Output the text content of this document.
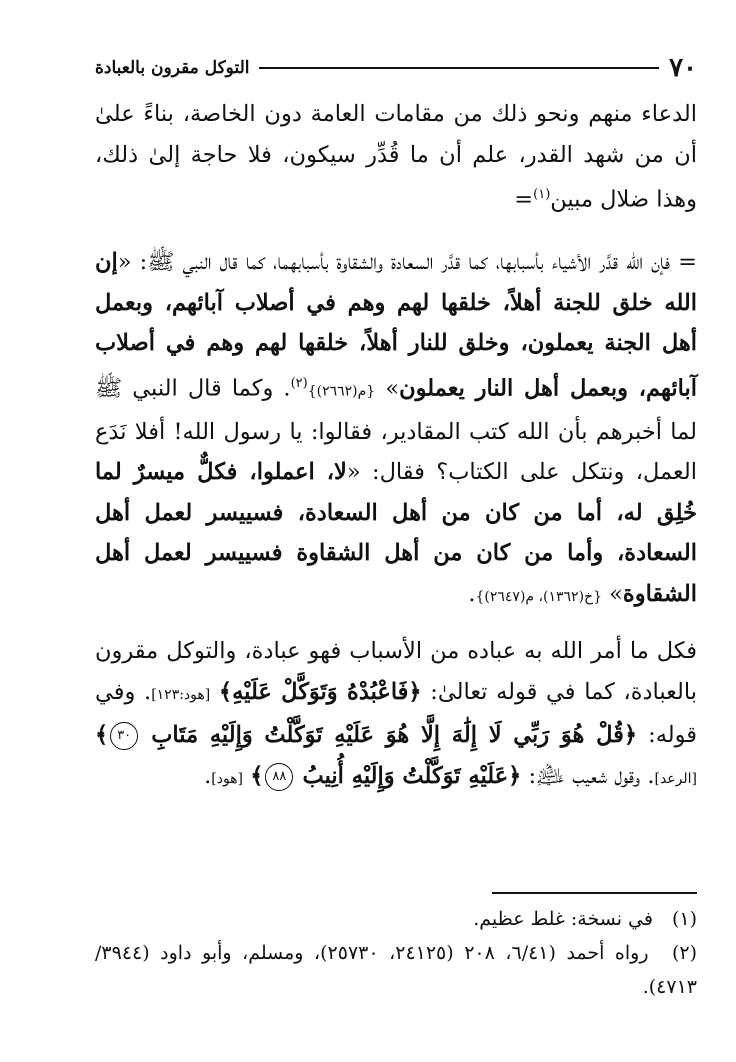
٧٠
التوكل مقرون بالعبادة

الدعاء منهم ونحو ذلك من مقامات العامة دون الخاصة، بناءً علىٰ أن من شهد القدر، علم أن ما قُدِّر سيكون، فلا حاجة إلىٰ ذلك، وهذا ضلال مبين$^{(١)}$=

= فإن الله قدَّر الأشياء بأسبابها، كما قدَّر السعادة والشقاوة بأسبابهما، كما قال النبي ﷺ: «إن الله خلق للجنة أهلاً، خلقها لهم وهم في أصلاب آبائهم، وبعمل أهل الجنة يعملون، وخلق للنار أهلاً، خلقها لهم وهم في أصلاب آبائهم، وبعمل أهل النار يعملون» {م(٢٦٦٢)}$^{(٢)}$. وكما قال النبي ﷺ لما أخبرهم بأن الله كتب المقادير، فقالوا: يا رسول الله! أفلا نَدَع العمل، ونتكل على الكتاب؟ فقال: «لا، اعملوا، فكلٌّ ميسرٌ لما خُلِق له، أما من كان من أهل السعادة، فسييسر لعمل أهل السعادة، وأما من كان من أهل الشقاوة فسييسر لعمل أهل الشقاوة» {خ(١٣٦٢)، م(٢٦٤٧)}.

فكل ما أمر الله به عباده من الأسباب فهو عبادة، والتوكل مقرون بالعبادة، كما في قوله تعالىٰ: ﴿فَاعْبُدْهُ وَتَوَكَّلْ عَلَيْهِ﴾ [هود:١٢٣]. وفي قوله: ﴿قُلْ هُوَ رَبِّي لَا إِلَٰهَ إِلَّا هُوَ عَلَيْهِ تَوَكَّلْتُ وَإِلَيْهِ مَتَابِ ٣٠﴾ [الرعد]. وقول شعيب ﵇: ﴿عَلَيْهِ تَوَكَّلْتُ وَإِلَيْهِ أُنِيبُ ٨٨﴾ [هود].

(١) في نسخة: غلط عظيم.

(٢) رواه أحمد (٦/٤١، ٢٠٨ (٢٤١٢٥، ٢٥٧٣٠)، ومسلم، وأبو داود (٣٩٤٤/ ٤٧١٣).
